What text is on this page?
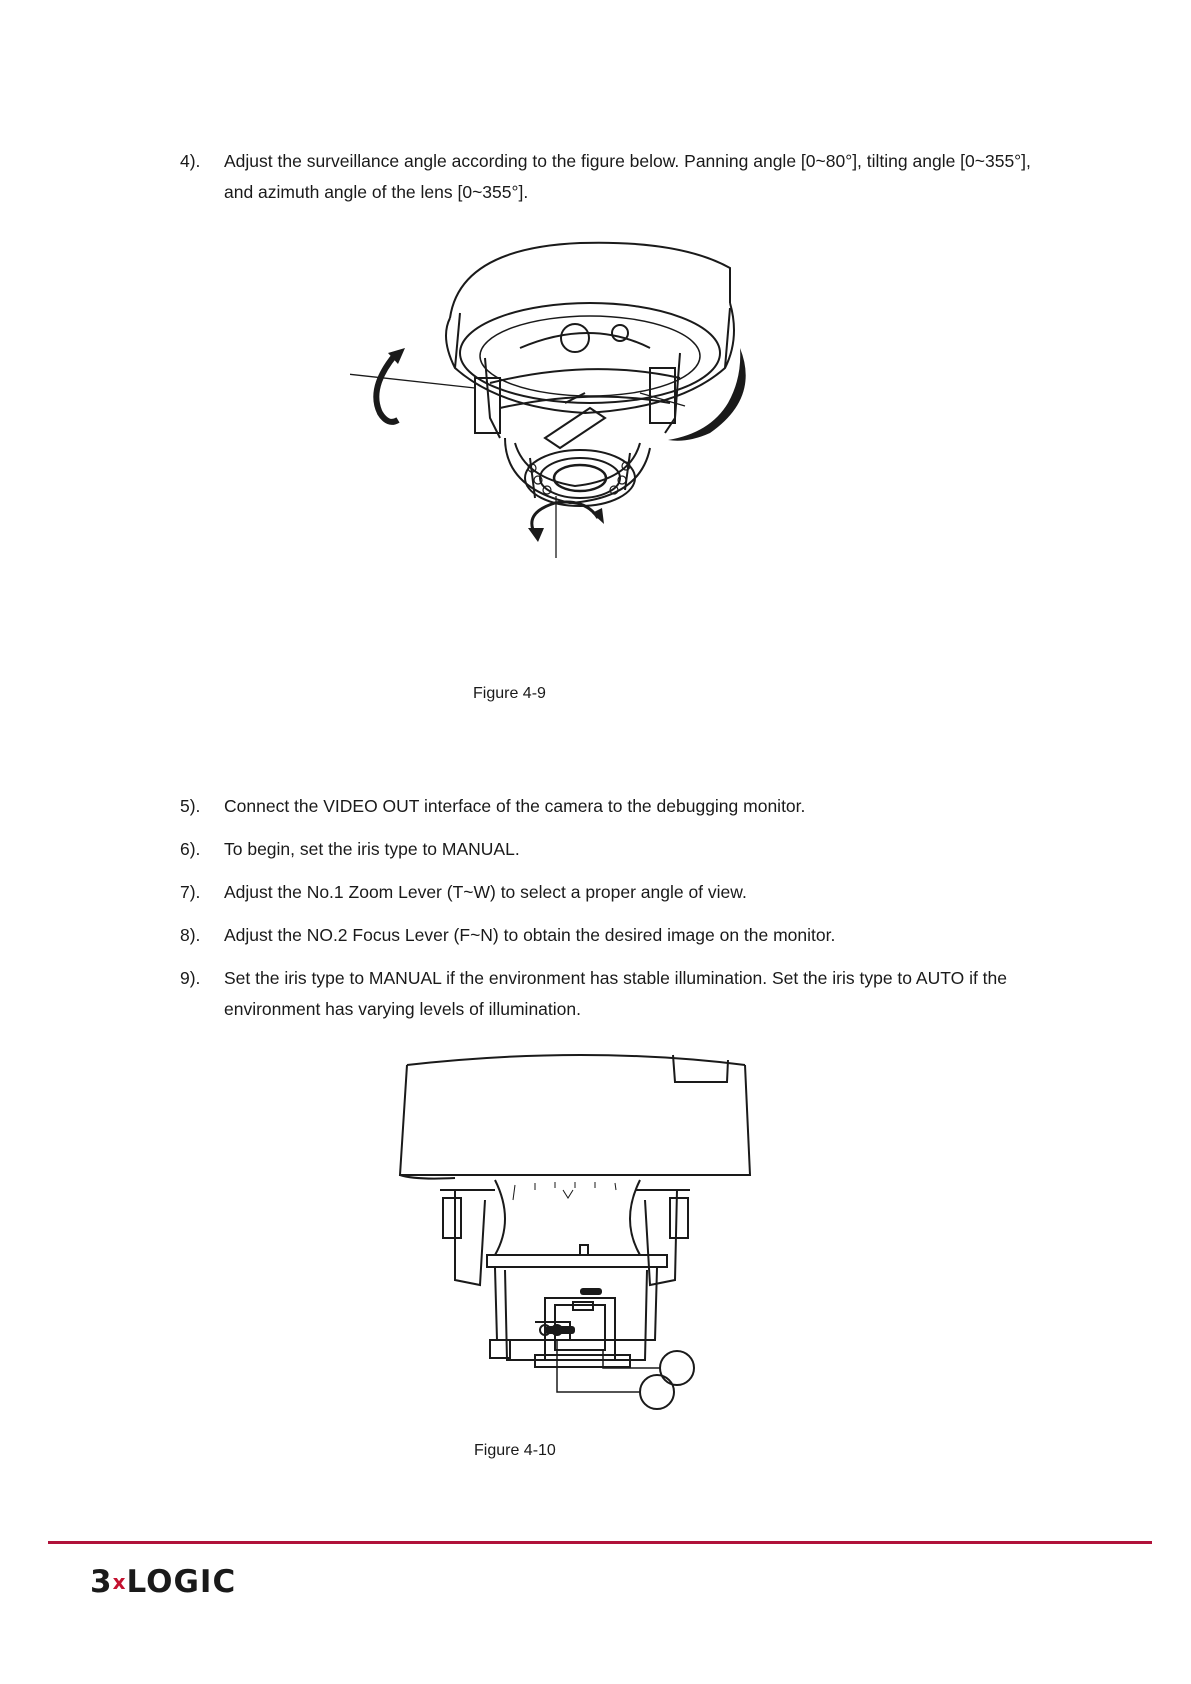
4).	Adjust the surveillance angle according to the figure below. Panning angle [0~80°], tilting angle [0~355°], and azimuth angle of the lens [0~355°].
Figure 4-9
5).	Connect the VIDEO OUT interface of the camera to the debugging monitor.
6).	To begin, set the iris type to MANUAL.
7).	Adjust the No.1 Zoom Lever (T~W) to select a proper angle of view.
8).	Adjust the NO.2 Focus Lever (F~N) to obtain the desired image on the monitor.
9).	Set the iris type to MANUAL if the environment has stable illumination. Set the iris type to AUTO if the environment has varying levels of illumination.
Figure 4-10
3xLOGIC
